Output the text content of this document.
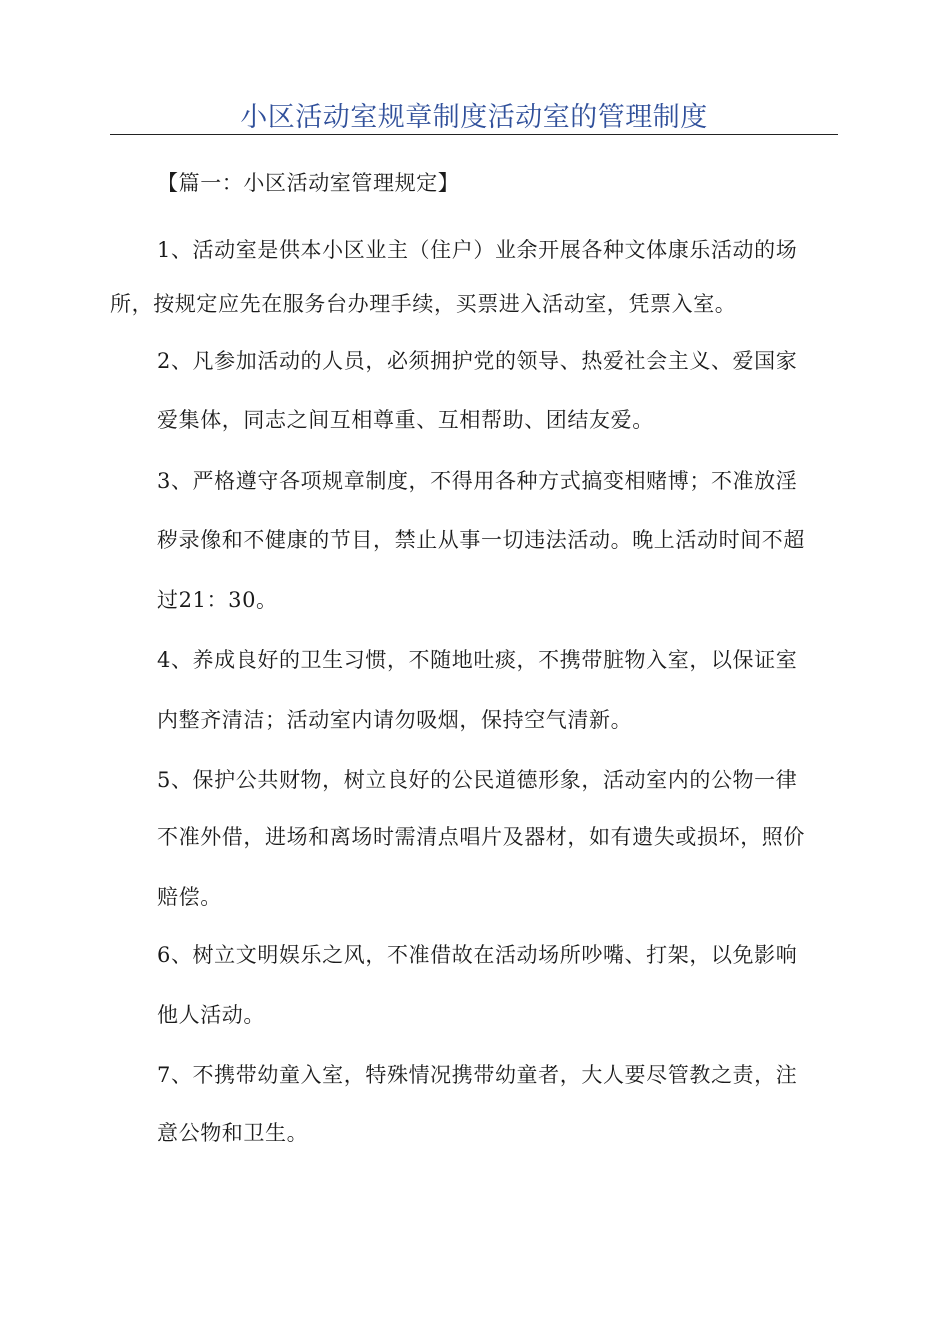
小区活动室规章制度活动室的管理制度
【篇一：小区活动室管理规定】
1、活动室是供本小区业主（住户）业余开展各种文体康乐活动的场
所，按规定应先在服务台办理手续，买票进入活动室，凭票入室。
2、凡参加活动的人员，必须拥护党的领导、热爱社会主义、爱国家
爱集体，同志之间互相尊重、互相帮助、团结友爱。
3、严格遵守各项规章制度，不得用各种方式搞变相赌博；不准放淫
秽录像和不健康的节目，禁止从事一切违法活动。晚上活动时间不超
过21：30。
4、养成良好的卫生习惯，不随地吐痰，不携带脏物入室，以保证室
内整齐清洁；活动室内请勿吸烟，保持空气清新。
5、保护公共财物，树立良好的公民道德形象，活动室内的公物一律
不准外借，进场和离场时需清点唱片及器材，如有遗失或损坏，照价
赔偿。
6、树立文明娱乐之风，不准借故在活动场所吵嘴、打架，以免影响
他人活动。
7、不携带幼童入室，特殊情况携带幼童者，大人要尽管教之责，注
意公物和卫生。
